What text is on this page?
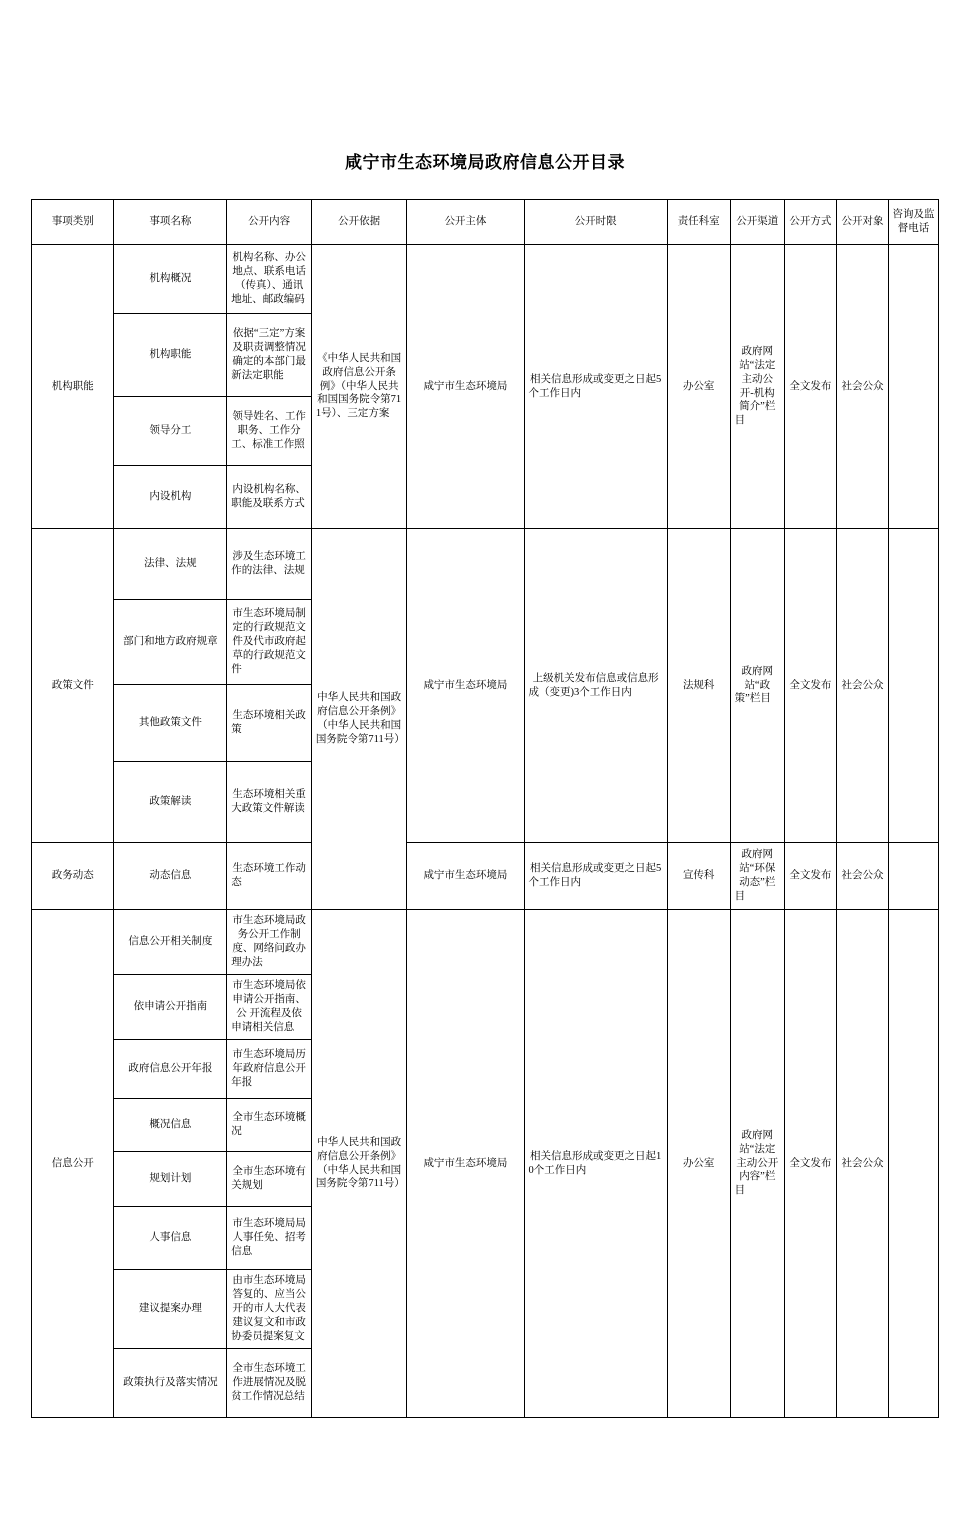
咸宁市生态环境局政府信息公开目录
事项类别	事项名称	公开内容	公开依据	公开主体	公开时限	责任科室	公开渠道	公开方式	公开对象	咨询及监督电话
机构职能	机构概况	机构名称、办公地点、联系电话（传真）、通讯地址、邮政编码	《中华人民共和国政府信息公开条例》（中华人民共和国国务院令第711号）、三定方案	咸宁市生态环境局	相关信息形成或变更之日起5个工作日内	办公室	政府网站“法定主动公开-机构简介”栏目	全文发布	社会公众	
	机构职能	依据“三定”方案及职责调整情况确定的本部门最新法定职能								
	领导分工	领导姓名、工作职务、工作分工、标准工作照								
	内设机构	内设机构名称、职能及联系方式								
政策文件	法律、法规	涉及生态环境工作的法律、法规	中华人民共和国政府信息公开条例》（中华人民共和国国务院令第711号）	咸宁市生态环境局	上级机关发布信息或信息形成（变更)3个工作日内	法规科	政府网站“政策”栏目	全文发布	社会公众	
	部门和地方政府规章	市生态环境局制定的行政规范文件及代市政府起草的行政规范文件								
	其他政策文件	生态环境相关政策								
	政策解读	生态环境相关重大政策文件解读								
政务动态	动态信息	生态环境工作动态		咸宁市生态环境局	相关信息形成或变更之日起5个工作日内	宣传科	政府网站“环保动态”栏目	全文发布	社会公众	
信息公开	信息公开相关制度	市生态环境局政务公开工作制度、网络问政办理办法	中华人民共和国政府信息公开条例》（中华人民共和国国务院令第711号）	咸宁市生态环境局	相关信息形成或变更之日起10个工作日内	办公室	政府网站“法定主动公开内容”栏目	全文发布	社会公众	
	依申请公开指南	市生态环境局依申请公开指南、公 开流程及依申请相关信息								
	政府信息公开年报	市生态环境局历年政府信息公开年报								
	概况信息	全市生态环境概况								
	规划计划	全市生态环境有关规划								
	人事信息	市生态环境局局人事任免、招考信息								
	建议提案办理	由市生态环境局答复的、应当公开的市人大代表建议复文和市政协委员提案复文								
	政策执行及落实情况	全市生态环境工作进展情况及脱贫工作情况总结								
